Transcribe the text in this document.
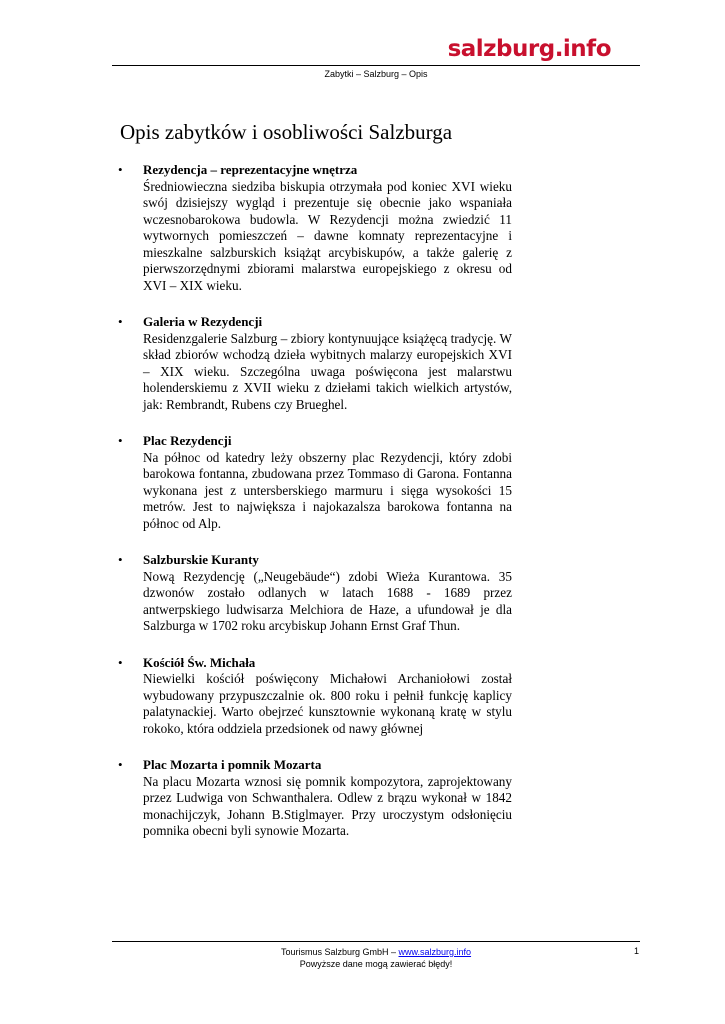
salzburg.info
Zabytki – Salzburg – Opis
Opis zabytków i osobliwości Salzburga
• Rezydencja – reprezentacyjne wnętrza

Średniowieczna siedziba biskupia otrzymała pod koniec XVI wieku swój dzisiejszy wygląd i prezentuje się obecnie jako wspaniała wczesnobarokowa budowla. W Rezydencji można zwiedzić 11 wytwornych pomieszczeń – dawne komnaty reprezentacyjne i mieszkalne salzburskich książąt arcybiskupów, a także galerię z pierwszorzędnymi zbiorami malarstwa europejskiego z okresu od XVI – XIX wieku.

• Galeria w Rezydencji

Residenzgalerie Salzburg – zbiory kontynuujące książęcą tradycję. W skład zbiorów wchodzą dzieła wybitnych malarzy europejskich XVI – XIX wieku. Szczególna uwaga poświęcona jest malarstwu holenderskiemu z XVII wieku z dziełami takich wielkich artystów, jak: Rembrandt, Rubens czy Brueghel.

• Plac Rezydencji

Na północ od katedry leży obszerny plac Rezydencji, który zdobi barokowa fontanna, zbudowana przez Tommaso di Garona. Fontanna wykonana jest z untersberskiego marmuru i sięga wysokości 15 metrów. Jest to największa i najokazalsza barokowa fontanna na północ od Alp.

• Salzburskie Kuranty

Nową Rezydencję („Neugebäude“) zdobi Wieża Kurantowa. 35 dzwonów zostało odlanych w latach 1688 - 1689 przez antwerpskiego ludwisarza Melchiora de Haze, a ufundował je dla Salzburga w 1702 roku arcybiskup Johann Ernst Graf Thun.

• Kościół Św. Michała

Niewielki kościół poświęcony Michałowi Archaniołowi został wybudowany przypuszczalnie ok. 800 roku i pełnił funkcję kaplicy palatynackiej. Warto obejrzeć kunsztownie wykonaną kratę w stylu rokoko, która oddziela przedsionek od nawy głównej

• Plac Mozarta i pomnik Mozarta

Na placu Mozarta wznosi się pomnik kompozytora, zaprojektowany przez Ludwiga von Schwanthalera. Odlew z brązu wykonał w 1842 monachijczyk, Johann B.Stiglmayer. Przy uroczystym odsłonięciu pomnika obecni byli synowie Mozarta.

Tourismus Salzburg GmbH – www.salzburg.info
Powyższe dane mogą zawierać błędy!
1
